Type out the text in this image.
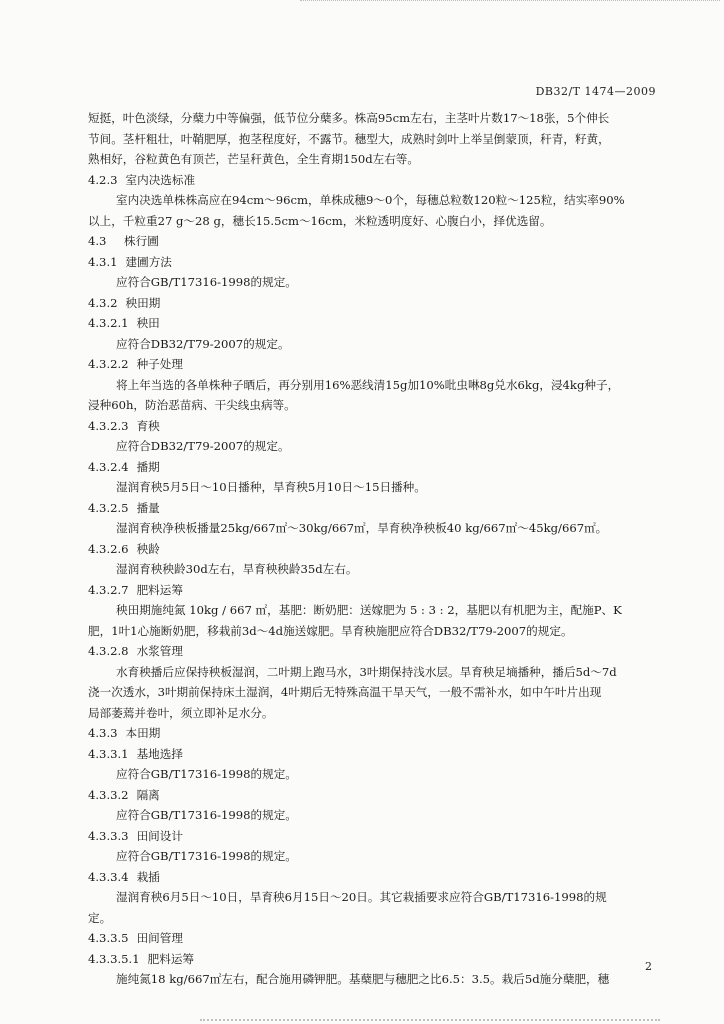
DB32/T 1474—2009
短挺，叶色淡绿，分蘖力中等偏强，低节位分蘖多。株高95cm左右，主茎叶片数17～18张，5个伸长
节间。茎杆粗壮，叶鞘肥厚，抱茎程度好，不露节。穗型大，成熟时剑叶上举呈倒蒙顶，秆青，籽黄，
熟相好，谷粒黄色有顶芒，芒呈秆黄色，全生育期150d左右等。
4.2.3 室内决选标准
室内决选单株株高应在94cm～96cm，单株成穗9～0个，每穗总粒数120粒～125粒，结实率90%
以上，千粒重27 g～28 g，穗长15.5cm～16cm，米粒透明度好、心腹白小，择优选留。
4.3 株行圃
4.3.1 建圃方法
应符合GB/T17316-1998的规定。
4.3.2 秧田期
4.3.2.1 秧田
应符合DB32/T79-2007的规定。
4.3.2.2 种子处理
将上年当选的各单株种子晒后，再分别用16%恶线清15g加10%吡虫啉8g兑水6kg，浸4kg种子，
浸种60h，防治恶苗病、干尖线虫病等。
4.3.2.3 育秧
应符合DB32/T79-2007的规定。
4.3.2.4 播期
湿润育秧5月5日～10日播种，旱育秧5月10日～15日播种。
4.3.2.5 播量
湿润育秧净秧板播量25kg/667㎡～30kg/667㎡，旱育秧净秧板40 kg/667㎡～45kg/667㎡。
4.3.2.6 秧龄
湿润育秧秧龄30d左右，旱育秧秧龄35d左右。
4.3.2.7 肥料运筹
秧田期施纯氮 10kg / 667 ㎡，基肥：断奶肥：送嫁肥为 5 : 3 : 2，基肥以有机肥为主，配施P、K
肥，1叶1心施断奶肥，移栽前3d～4d施送嫁肥。旱育秧施肥应符合DB32/T79-2007的规定。
4.3.2.8 水浆管理
水育秧播后应保持秧板湿润，二叶期上跑马水，3叶期保持浅水层。旱育秧足墒播种，播后5d～7d
浇一次透水，3叶期前保持床土湿润，4叶期后无特殊高温干旱天气，一般不需补水，如中午叶片出现
局部萎蔫并卷叶，须立即补足水分。
4.3.3 本田期
4.3.3.1 基地选择
应符合GB/T17316-1998的规定。
4.3.3.2 隔离
应符合GB/T17316-1998的规定。
4.3.3.3 田间设计
应符合GB/T17316-1998的规定。
4.3.3.4 栽插
湿润育秧6月5日～10日，旱育秧6月15日～20日。其它栽插要求应符合GB/T17316-1998的规
定。
4.3.3.5 田间管理
4.3.3.5.1 肥料运筹
施纯氮18 kg/667㎡左右，配合施用磷钾肥。基蘖肥与穗肥之比6.5：3.5。栽后5d施分蘖肥，穗
2
